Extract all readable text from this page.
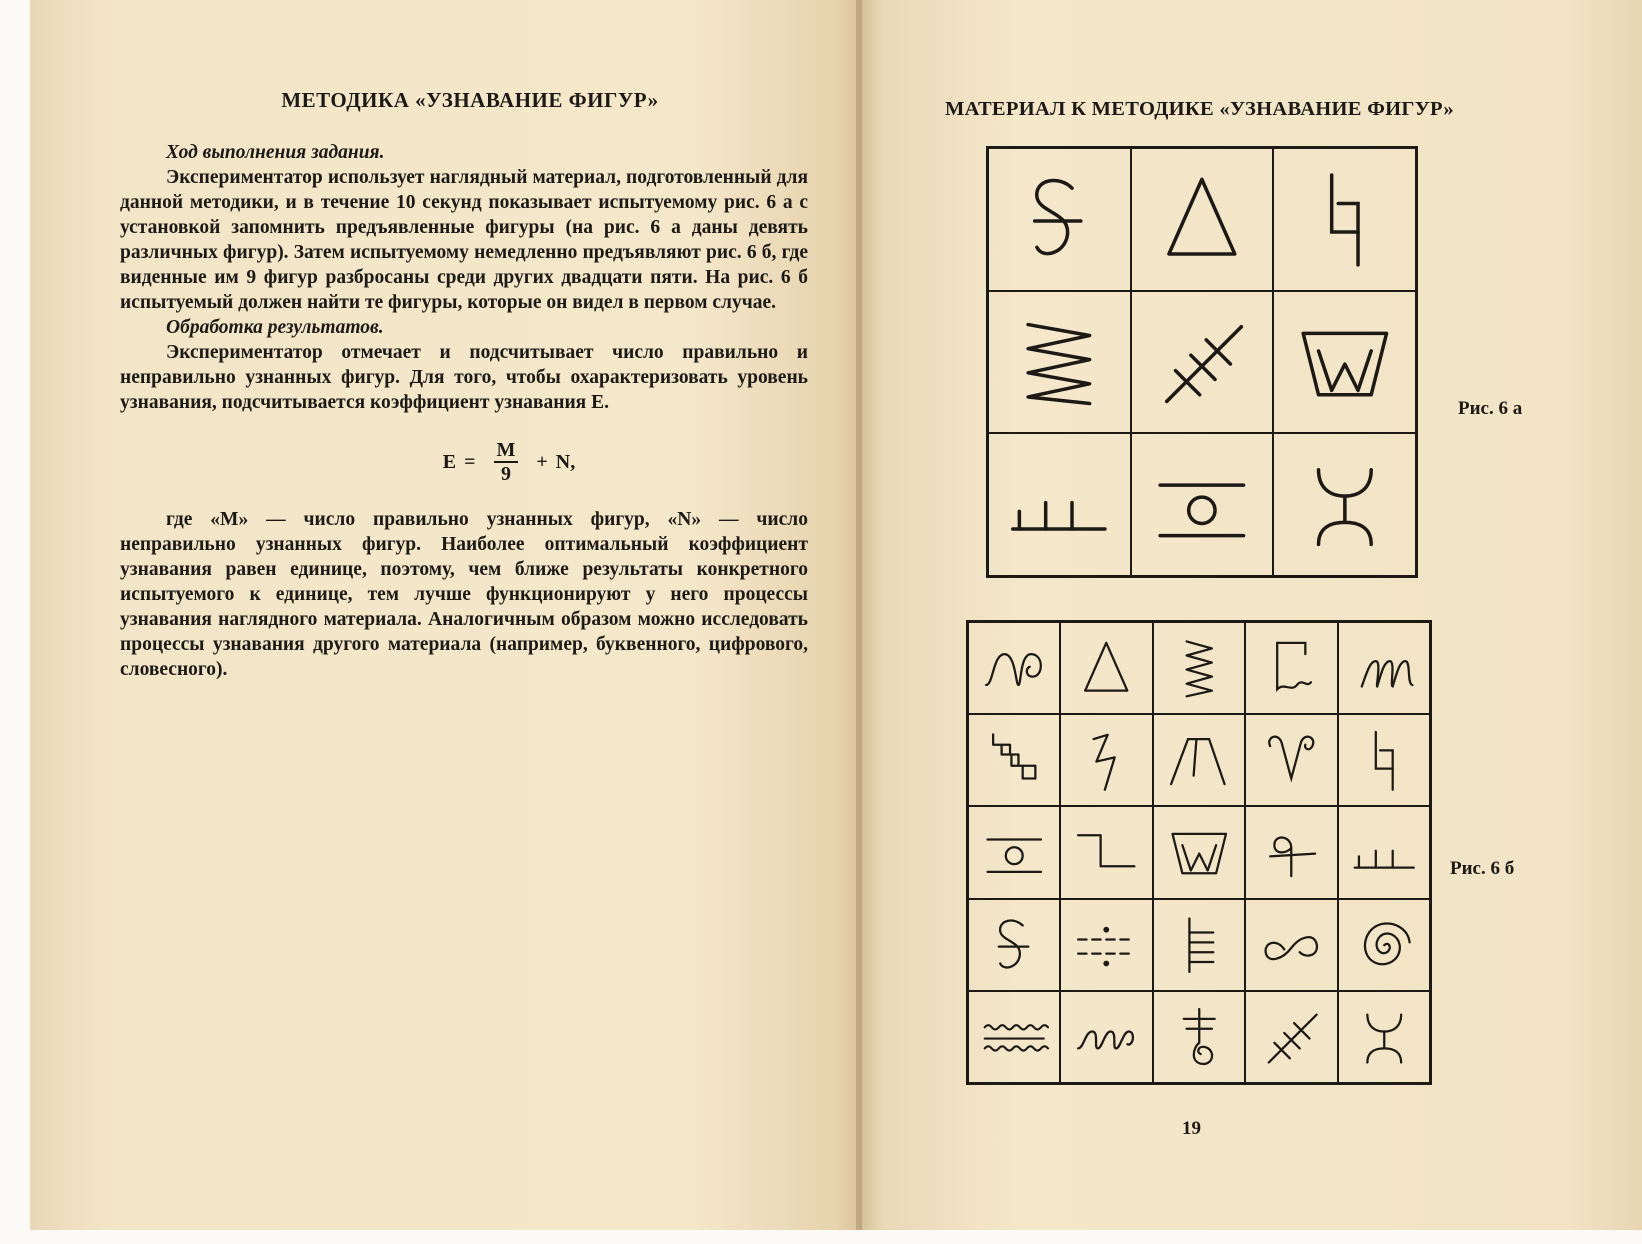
МЕТОДИКА «УЗНАВАНИЕ ФИГУР»

Ход выполнения задания.

Экспериментатор использует наглядный материал, подготовленный для данной методики, и в течение 10 секунд показывает испытуемому рис. 6 а с установкой запомнить предъявленные фигуры (на рис. 6 а даны девять различных фигур). Затем испытуемому немедленно предъявляют рис. 6 б, где виденные им 9 фигур разбросаны среди других двадцати пяти. На рис. 6 б испытуемый должен найти те фигуры, которые он видел в первом случае.

Обработка результатов.

Экспериментатор отмечает и подсчитывает число правильно и неправильно узнанных фигур. Для того, чтобы охарактеризовать уровень узнавания, подсчитывается коэффициент узнавания E.

$E = \frac{M}{9} + N$,

где «M» — число правильно узнанных фигур, «N» — число неправильно узнанных фигур. Наиболее оптимальный коэффициент узнавания равен единице, поэтому, чем ближе результаты конкретного испытуемого к единице, тем лучше функционируют у него процессы узнавания наглядного материала. Аналогичным образом можно исследовать процессы узнавания другого материала (например, буквенного, цифрового, словесного).

МАТЕРИАЛ К МЕТОДИКЕ «УЗНАВАНИЕ ФИГУР»
Рис. 6 а
Рис. 6 б
19
